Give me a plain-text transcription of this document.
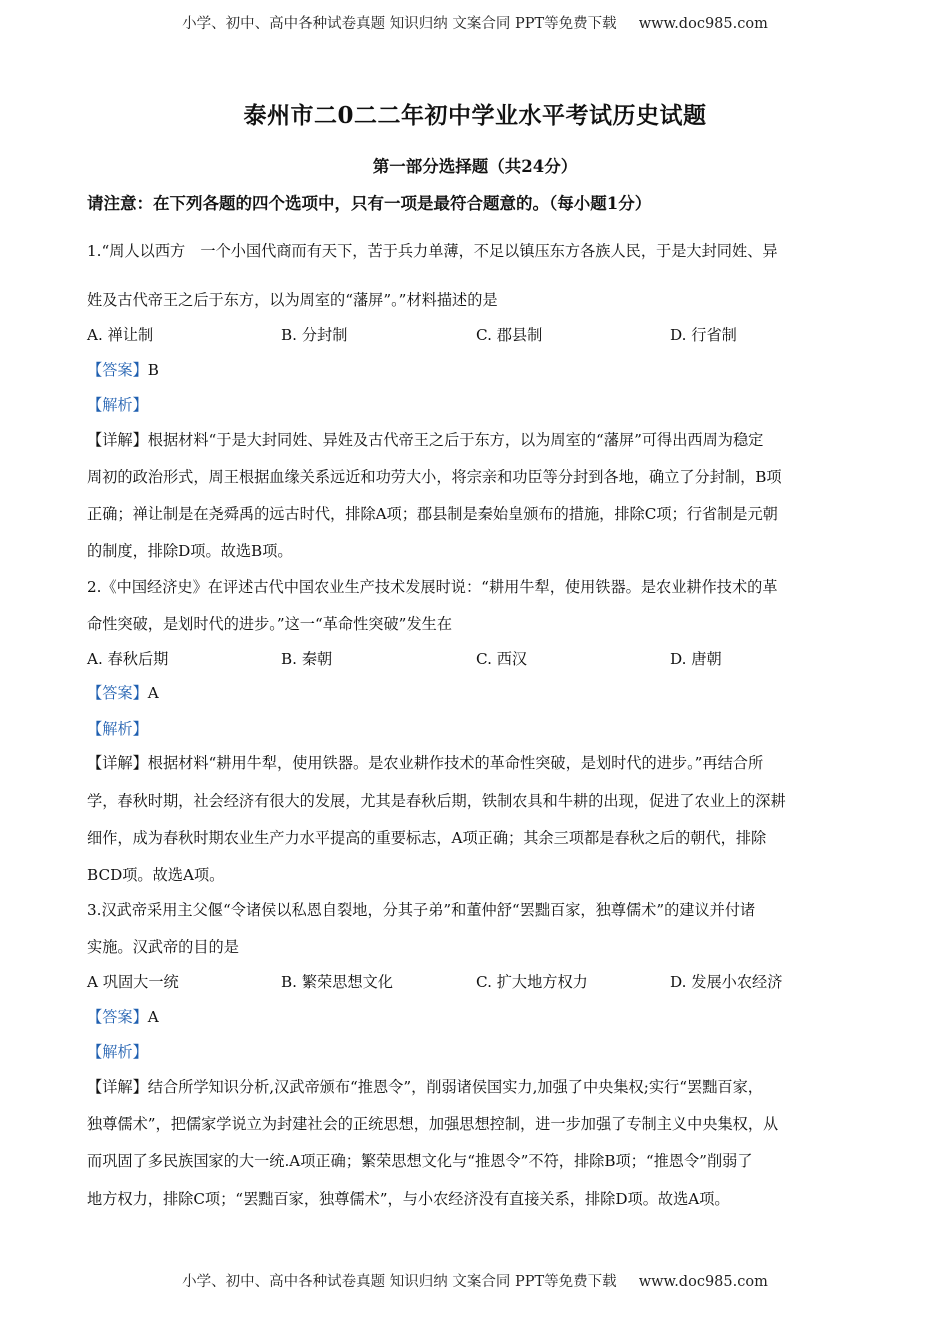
小学、初中、高中各种试卷真题 知识归纳 文案合同 PPT等免费下载 www.doc985.com
泰州市二0二二年初中学业水平考试历史试题
第一部分选择题（共24分）
请注意：在下列各题的四个选项中，只有一项是最符合题意的。（每小题1分）
1.“周人以西方　一个小国代商而有天下，苦于兵力单薄，不足以镇压东方各族人民，于是大封同姓、异
姓及古代帝王之后于东方，以为周室的“藩屏”。”材料描述的是
A. 禅让制	B. 分封制	C. 郡县制	D. 行省制
【答案】B
【解析】
【详解】根据材料“于是大封同姓、异姓及古代帝王之后于东方，以为周室的“藩屏”可得出西周为稳定
周初的政治形式，周王根据血缘关系远近和功劳大小，将宗亲和功臣等分封到各地，确立了分封制，B项
正确；禅让制是在尧舜禹的远古时代，排除A项；郡县制是秦始皇颁布的措施，排除C项；行省制是元朝
的制度，排除D项。故选B项。
2.《中国经济史》在评述古代中国农业生产技术发展时说：“耕用牛犁，使用铁器。是农业耕作技术的革
命性突破，是划时代的进步。”这一“革命性突破”发生在
A. 春秋后期	B. 秦朝	C. 西汉	D. 唐朝
【答案】A
【解析】
【详解】根据材料“耕用牛犁，使用铁器。是农业耕作技术的革命性突破，是划时代的进步。”再结合所
学，春秋时期，社会经济有很大的发展，尤其是春秋后期，铁制农具和牛耕的出现，促进了农业上的深耕
细作，成为春秋时期农业生产力水平提高的重要标志，A项正确；其余三项都是春秋之后的朝代，排除
BCD项。故选A项。
3.汉武帝采用主父偃“令诸侯以私恩自裂地，分其子弟”和董仲舒“罢黜百家，独尊儒术”的建议并付诸
实施。汉武帝的目的是
A 巩固大一统	B. 繁荣思想文化	C. 扩大地方权力	D. 发展小农经济
【答案】A
【解析】
【详解】结合所学知识分析,汉武帝颁布“推恩令”，削弱诸侯国实力,加强了中央集权;实行“罢黜百家，
独尊儒术”，把儒家学说立为封建社会的正统思想，加强思想控制，进一步加强了专制主义中央集权，从
而巩固了多民族国家的大一统.A项正确；繁荣思想文化与“推恩令”不符，排除B项；“推恩令”削弱了
地方权力，排除C项；“罢黜百家，独尊儒术”，与小农经济没有直接关系，排除D项。故选A项。
小学、初中、高中各种试卷真题 知识归纳 文案合同 PPT等免费下载 www.doc985.com
